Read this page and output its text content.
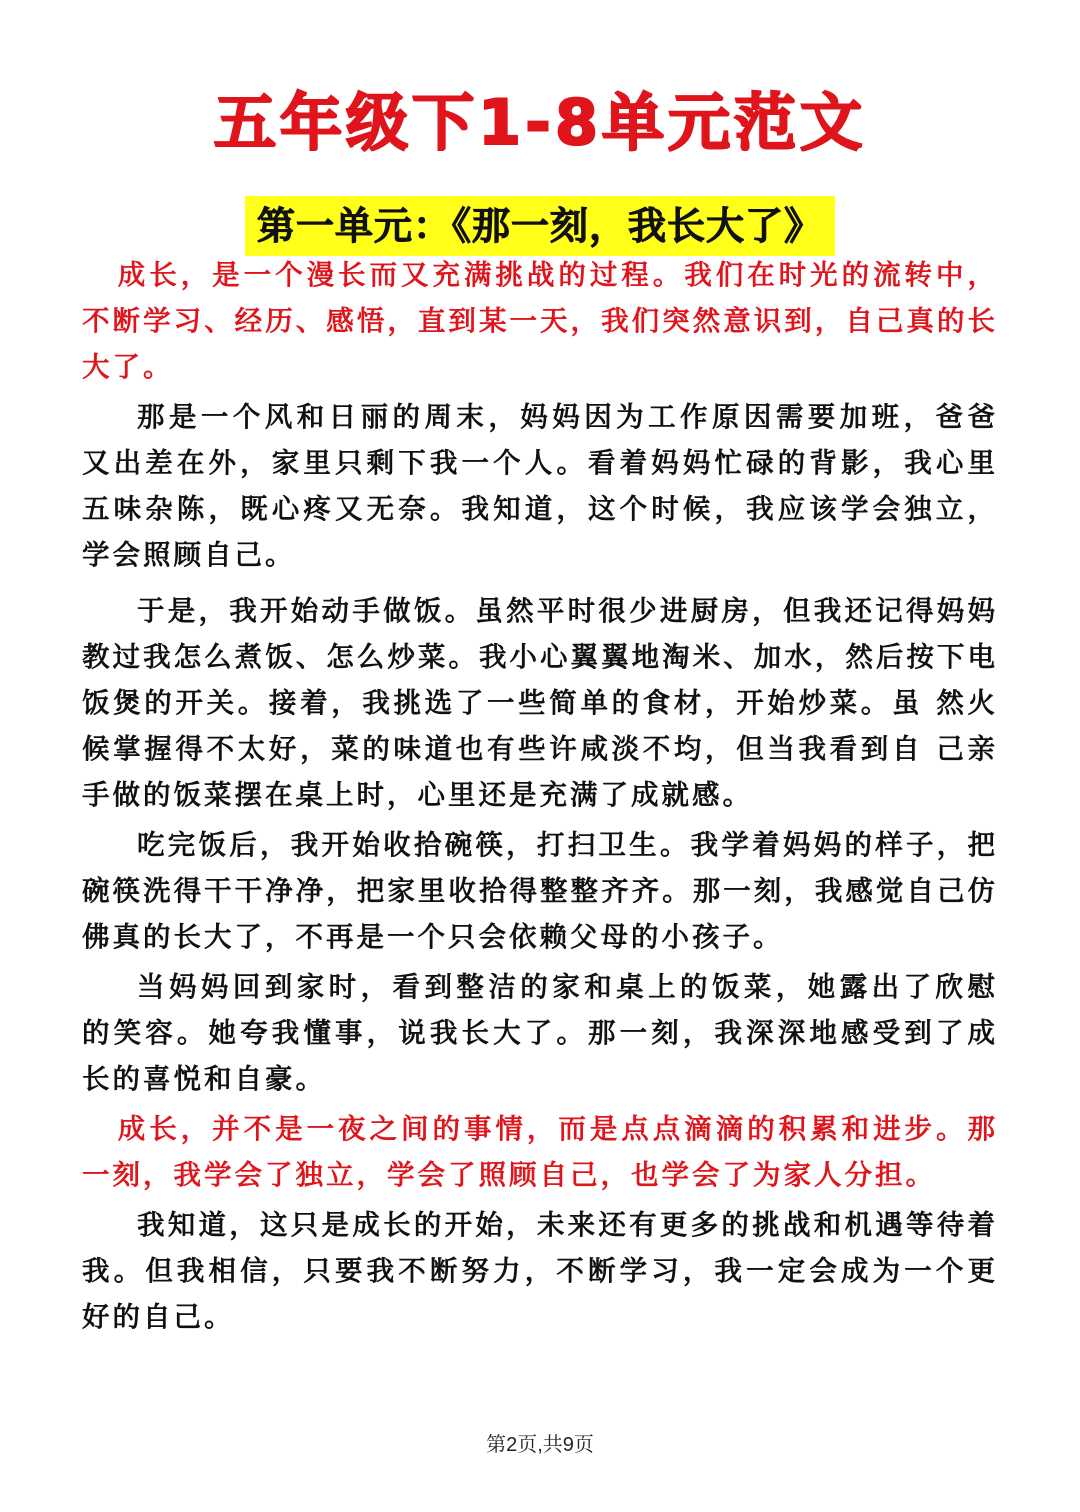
五年级下1-8单元范文
第一单元：《那一刻，我长大了》

成长，是一个漫长而又充满挑战的过程。我们在时光的流转中，不断学习、经历、感悟，直到某一天，我们突然意识到，自己真的长大了。

那是一个风和日丽的周末，妈妈因为工作原因需要加班，爸爸 又出差在外，家里只剩下我一个人。看着妈妈忙碌的背影，我心里 五味杂陈，既心疼又无奈。我知道，这个时候，我应该学会独立， 学会照顾自己。

于是，我开始动手做饭。虽然平时很少进厨房，但我还记得妈妈教过我怎么煮饭、怎么炒菜。我小心翼翼地淘米、加水，然后按下电饭煲的开关。接着，我挑选了一些简单的食材，开始炒菜。虽 然火候掌握得不太好，菜的味道也有些许咸淡不均，但当我看到自 己亲手做的饭菜摆在桌上时，心里还是充满了成就感。

吃完饭后，我开始收拾碗筷，打扫卫生。我学着妈妈的样子，把碗筷洗得干干净净，把家里收拾得整整齐齐。那一刻，我感觉自己仿佛真的长大了，不再是一个只会依赖父母的小孩子。

当妈妈回到家时，看到整洁的家和桌上的饭菜，她露出了欣慰 的笑容。她夸我懂事，说我长大了。那一刻，我深深地感受到了成 长的喜悦和自豪。

成长，并不是一夜之间的事情，而是点点滴滴的积累和进步。那一刻，我学会了独立，学会了照顾自己，也学会了为家人分担。

我知道，这只是成长的开始，未来还有更多的挑战和机遇等待着 我。但我相信，只要我不断努力，不断学习，我一定会成为一个更 好的自己。

第2页,共9页
